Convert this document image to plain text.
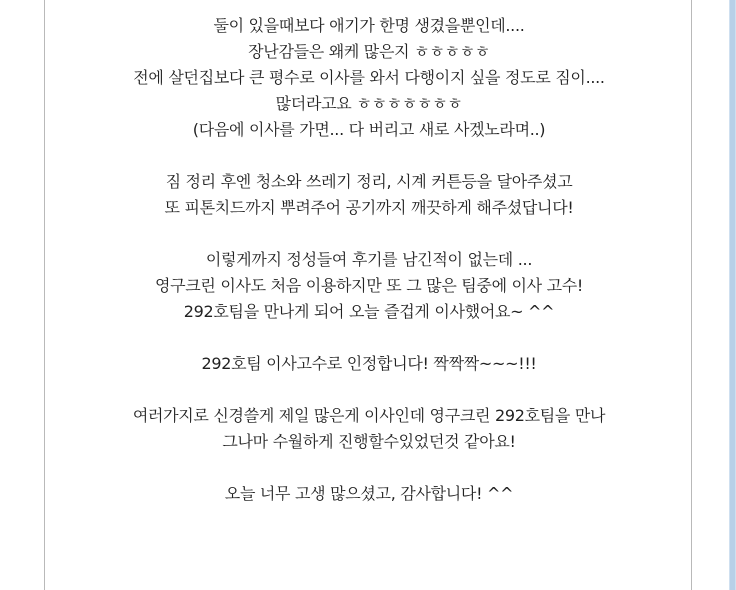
둘이 있을때보다 애기가 한명 생겼을뿐인데....
장난감들은 왜케 많은지 ㅎㅎㅎㅎㅎ
전에 살던집보다 큰 평수로 이사를 와서 다행이지 싶을 정도로 짐이....
많더라고요 ㅎㅎㅎㅎㅎㅎㅎ
(다음에 이사를 가면... 다 버리고 새로 사겠노라며..)
짐 정리 후엔 청소와 쓰레기 정리, 시계 커튼등을 달아주셨고
또 피톤치드까지 뿌려주어 공기까지 깨끗하게 해주셨답니다!
이렇게까지 정성들여 후기를 남긴적이 없는데 ...
영구크린 이사도 처음 이용하지만 또 그 많은 팀중에 이사 고수!
292호팀을 만나게 되어 오늘 즐겁게 이사했어요~ ^^
292호팀 이사고수로 인정합니다! 짝짝짝~~~!!!
여러가지로 신경쓸게 제일 많은게 이사인데 영구크린 292호팀을 만나
그나마 수월하게 진행할수있었던것 같아요!
오늘 너무 고생 많으셨고, 감사합니다! ^^
